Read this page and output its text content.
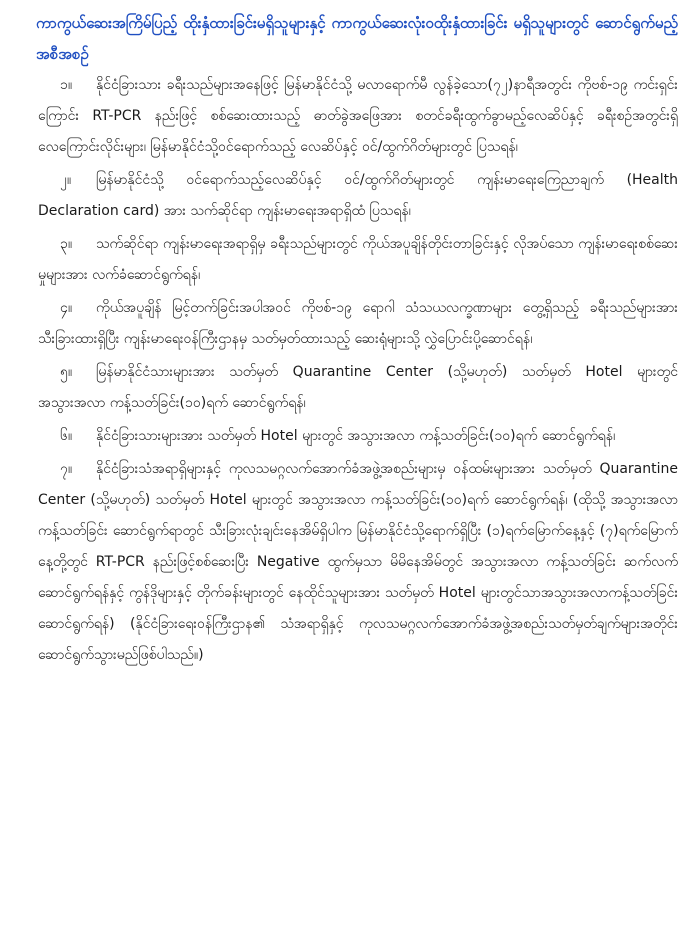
ကာကွယ်ဆေးအကြိမ်ပြည့် ထိုးနှံထားခြင်းမရှိသူများနှင့် ကာကွယ်ဆေးလုံးဝထိုးနှံထားခြင်း မရှိသူများတွင် ဆောင်ရွက်မည့်အစီအစဉ်
၁။ နိုင်ငံခြားသား ခရီးသည်များအနေဖြင့် မြန်မာနိုင်ငံသို့ မလာရောက်မီ လွန်ခဲ့သော(၇၂)နာရီအတွင်း ကိုဗစ်-၁၉ ကင်းရှင်းကြောင်း RT-PCR နည်းဖြင့် စစ်ဆေးထားသည့် ဓာတ်ခွဲအဖြေအား စတင်ခရီးထွက်ခွာမည့်လေဆိပ်နှင့် ခရီးစဉ်အတွင်းရှိ လေကြောင်းလိုင်းများ၊ မြန်မာနိုင်ငံသို့ဝင်ရောက်သည့် လေဆိပ်နှင့် ဝင်/ထွက်ဂိတ်များတွင် ပြသရန်၊
၂။ မြန်မာနိုင်ငံသို့ ဝင်ရောက်သည့်လေဆိပ်နှင့် ဝင်/ထွက်ဂိတ်များတွင် ကျန်းမာရေးကြေညာချက် (Health Declaration card) အား သက်ဆိုင်ရာ ကျန်းမာရေးအရာရှိထံ ပြသရန်၊
၃။ သက်ဆိုင်ရာ ကျန်းမာရေးအရာရှိမှ ခရီးသည်များတွင် ကိုယ်အပူချိန်တိုင်းတာခြင်းနှင့် လိုအပ်သော ကျန်းမာရေးစစ်ဆေးမှုများအား လက်ခံဆောင်ရွက်ရန်၊
၄။ ကိုယ်အပူချိန် မြင့်တက်ခြင်းအပါအဝင် ကိုဗစ်-၁၉ ရောဂါ သံသယလက္ခဏာများ တွေ့ရှိသည့် ခရီးသည်များအား သီးခြားထားရှိပြီး ကျန်းမာရေးဝန်ကြီးဌာနမှ သတ်မှတ်ထားသည့် ဆေးရုံများသို့ လွှဲပြောင်းပို့ဆောင်ရန်၊
၅။ မြန်မာနိုင်ငံသားများအား သတ်မှတ် Quarantine Center (သို့မဟုတ်) သတ်မှတ် Hotel များတွင် အသွားအလာ ကန့်သတ်ခြင်း(၁၀)ရက် ဆောင်ရွက်ရန်၊
၆။ နိုင်ငံခြားသားများအား သတ်မှတ် Hotel များတွင် အသွားအလာ ကန့်သတ်ခြင်း(၁၀)ရက် ဆောင်ရွက်ရန်၊
၇။ နိုင်ငံခြားသံအရာရှိများနှင့် ကုလသမဂ္ဂလက်အောက်ခံအဖွဲ့အစည်းများမှ ဝန်ထမ်းများအား သတ်မှတ် Quarantine Center (သို့မဟုတ်) သတ်မှတ် Hotel များတွင် အသွားအလာ ကန့်သတ်ခြင်း(၁၀)ရက် ဆောင်ရွက်ရန်၊ (ထိုသို့ အသွားအလာ ကန့်သတ်ခြင်း ဆောင်ရွက်ရာတွင် သီးခြားလုံးချင်းနေအိမ်ရှိပါက မြန်မာနိုင်ငံသို့ရောက်ရှိပြီး (၁)ရက်မြောက်နေ့နှင့် (၇)ရက်မြောက်နေ့တို့တွင် RT-PCR နည်းဖြင့်စစ်ဆေးပြီး Negative ထွက်မှသာ မိမိနေအိမ်တွင် အသွားအလာ ကန့်သတ်ခြင်း ဆက်လက်ဆောင်ရွက်ရန်နှင့် ကွန်ဒိုများနှင့် တိုက်ခန်းများတွင် နေထိုင်သူများအား သတ်မှတ် Hotel များတွင်သာအသွားအလာကန့်သတ်ခြင်းဆောင်ရွက်ရန်) (နိုင်ငံခြားရေးဝန်ကြီးဌာန၏ သံအရာရှိနှင့် ကုလသမဂ္ဂလက်အောက်ခံအဖွဲ့အစည်းသတ်မှတ်ချက်များအတိုင်း ဆောင်ရွက်သွားမည်ဖြစ်ပါသည်။)
